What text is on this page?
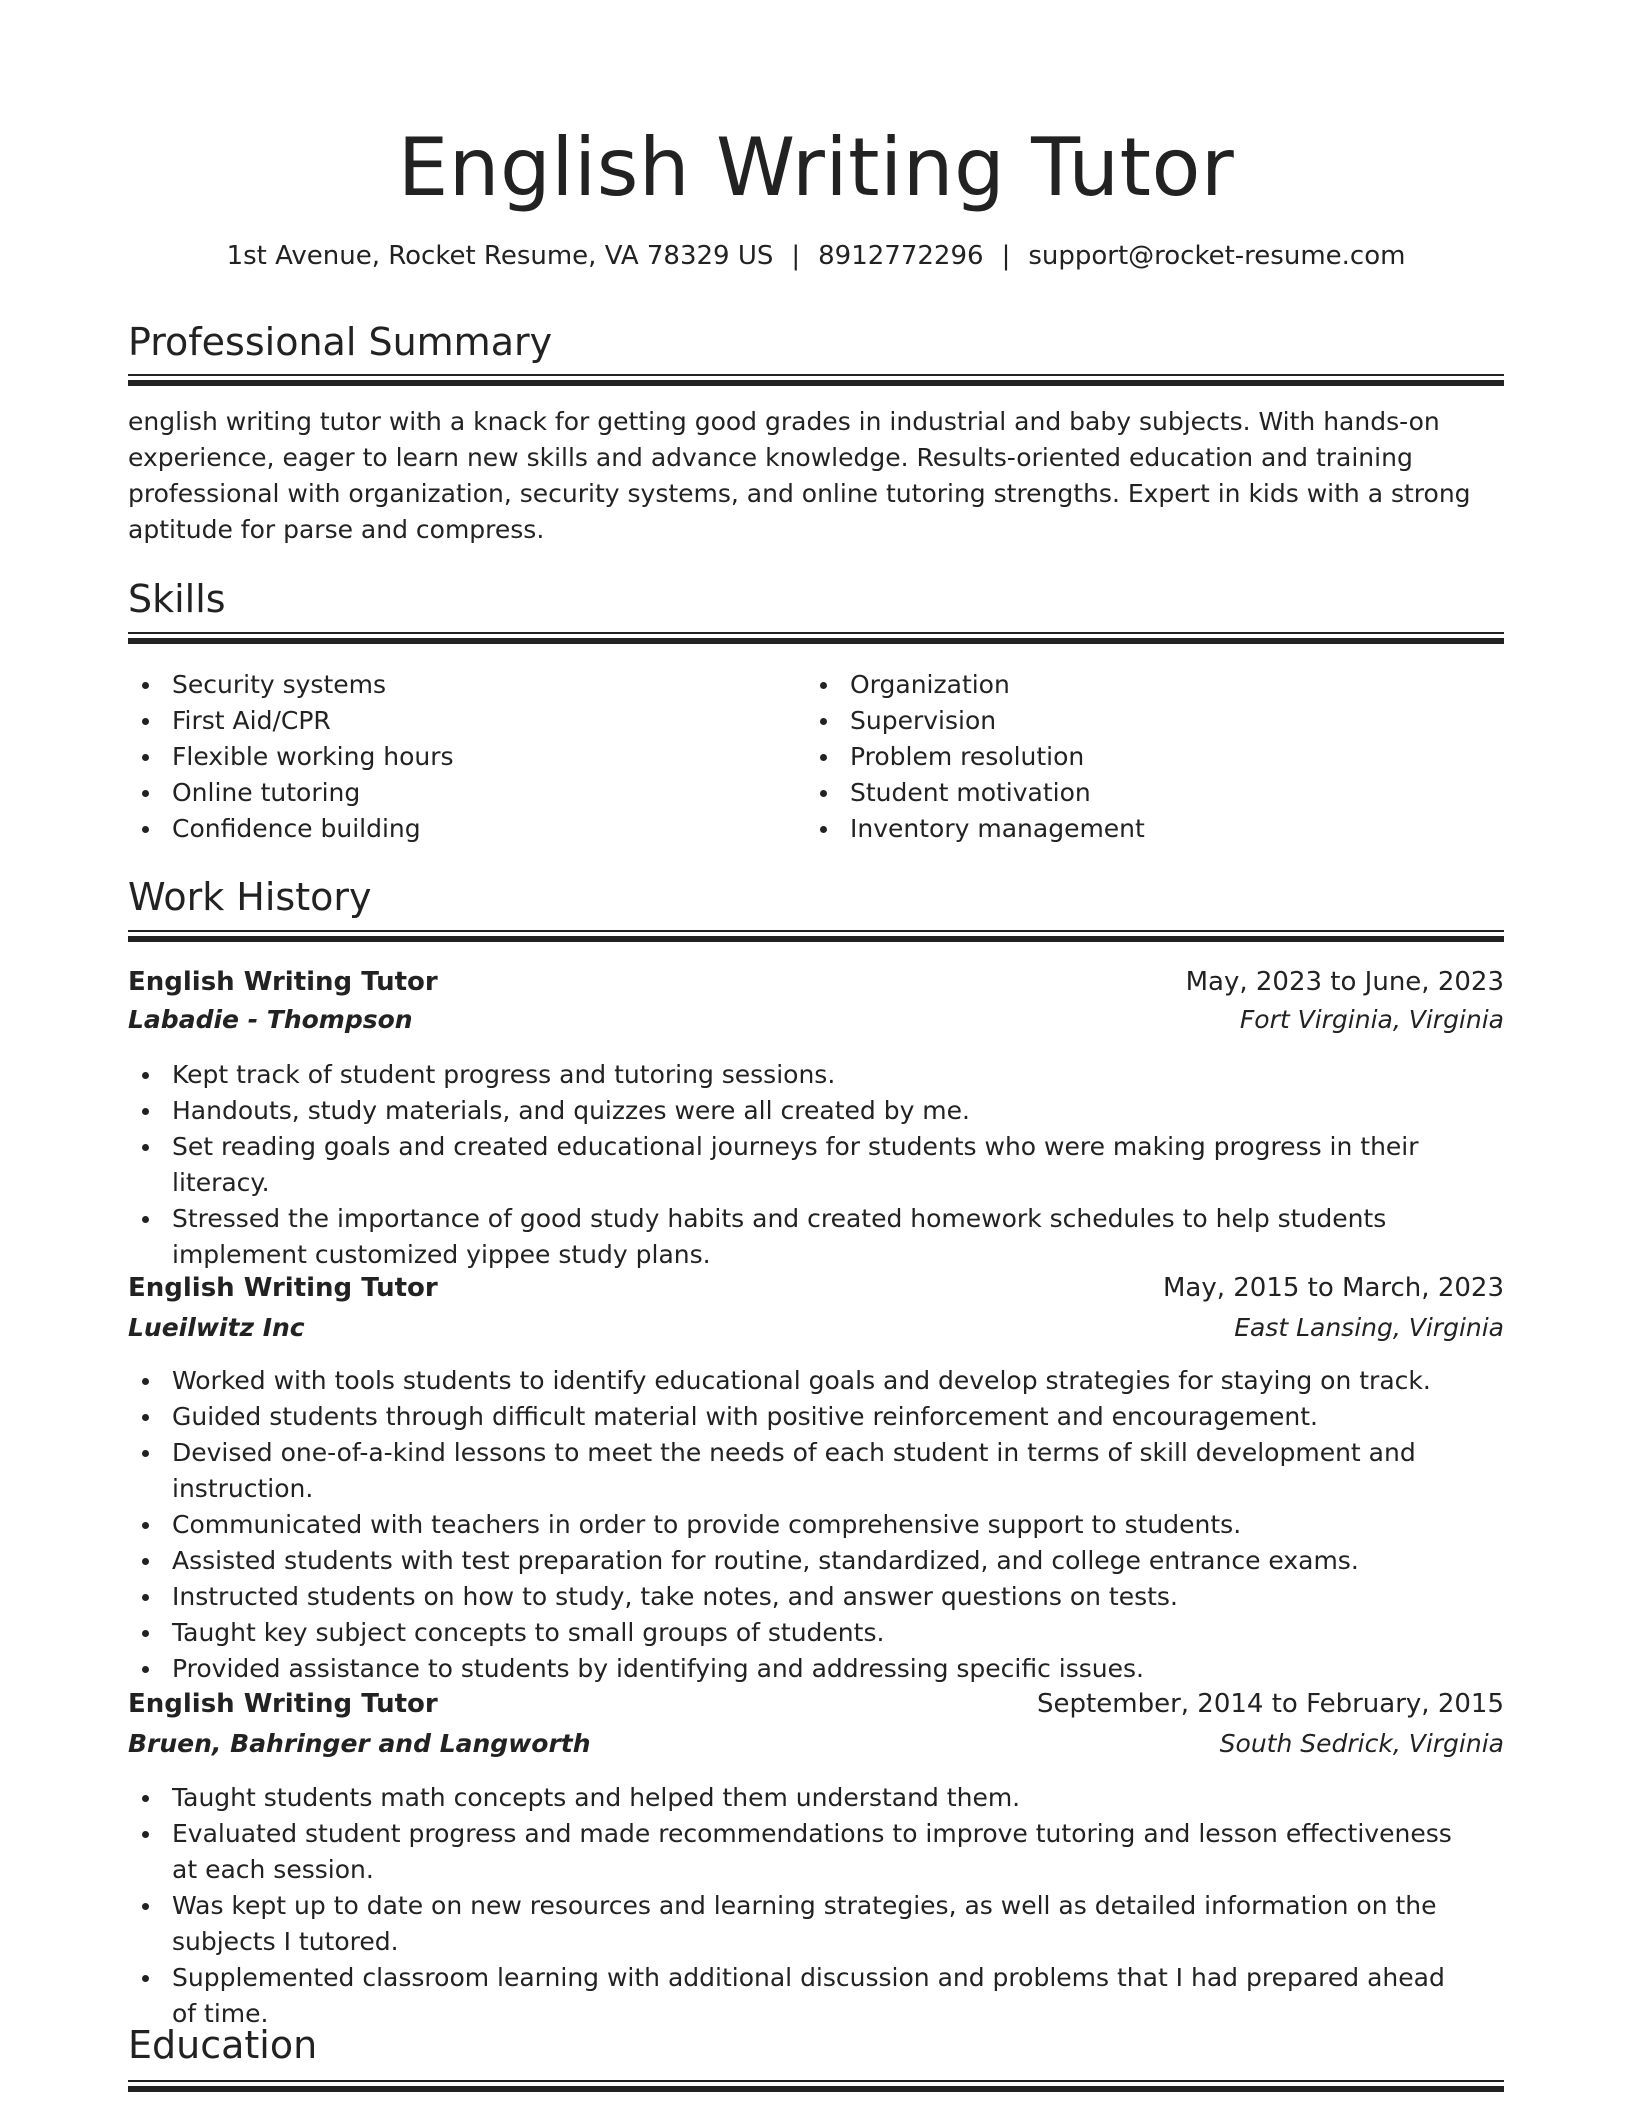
English Writing Tutor
1st Avenue, Rocket Resume, VA 78329 US | 8912772296 | support@rocket-resume.com
Professional Summary

english writing tutor with a knack for getting good grades in industrial and baby subjects. With hands-on experience, eager to learn new skills and advance knowledge. Results-oriented education and training professional with organization, security systems, and online tutoring strengths. Expert in kids with a strong aptitude for parse and compress.

Skills
Security systems
First Aid/CPR
Flexible working hours
Online tutoring
Confidence building
Organization
Supervision
Problem resolution
Student motivation
Inventory management
Work History
English Writing Tutor	May, 2023 to June, 2023
Labadie - Thompson	Fort Virginia, Virginia
Kept track of student progress and tutoring sessions.
Handouts, study materials, and quizzes were all created by me.
Set reading goals and created educational journeys for students who were making progress in their literacy.
Stressed the importance of good study habits and created homework schedules to help students implement customized yippee study plans.
English Writing Tutor	May, 2015 to March, 2023
Lueilwitz Inc	East Lansing, Virginia
Worked with tools students to identify educational goals and develop strategies for staying on track.
Guided students through difficult material with positive reinforcement and encouragement.
Devised one-of-a-kind lessons to meet the needs of each student in terms of skill development and instruction.
Communicated with teachers in order to provide comprehensive support to students.
Assisted students with test preparation for routine, standardized, and college entrance exams.
Instructed students on how to study, take notes, and answer questions on tests.
Taught key subject concepts to small groups of students.
Provided assistance to students by identifying and addressing specific issues.
English Writing Tutor	September, 2014 to February, 2015
Bruen, Bahringer and Langworth	South Sedrick, Virginia
Taught students math concepts and helped them understand them.
Evaluated student progress and made recommendations to improve tutoring and lesson effectiveness at each session.
Was kept up to date on new resources and learning strategies, as well as detailed information on the subjects I tutored.
Supplemented classroom learning with additional discussion and problems that I had prepared ahead of time.
Education
